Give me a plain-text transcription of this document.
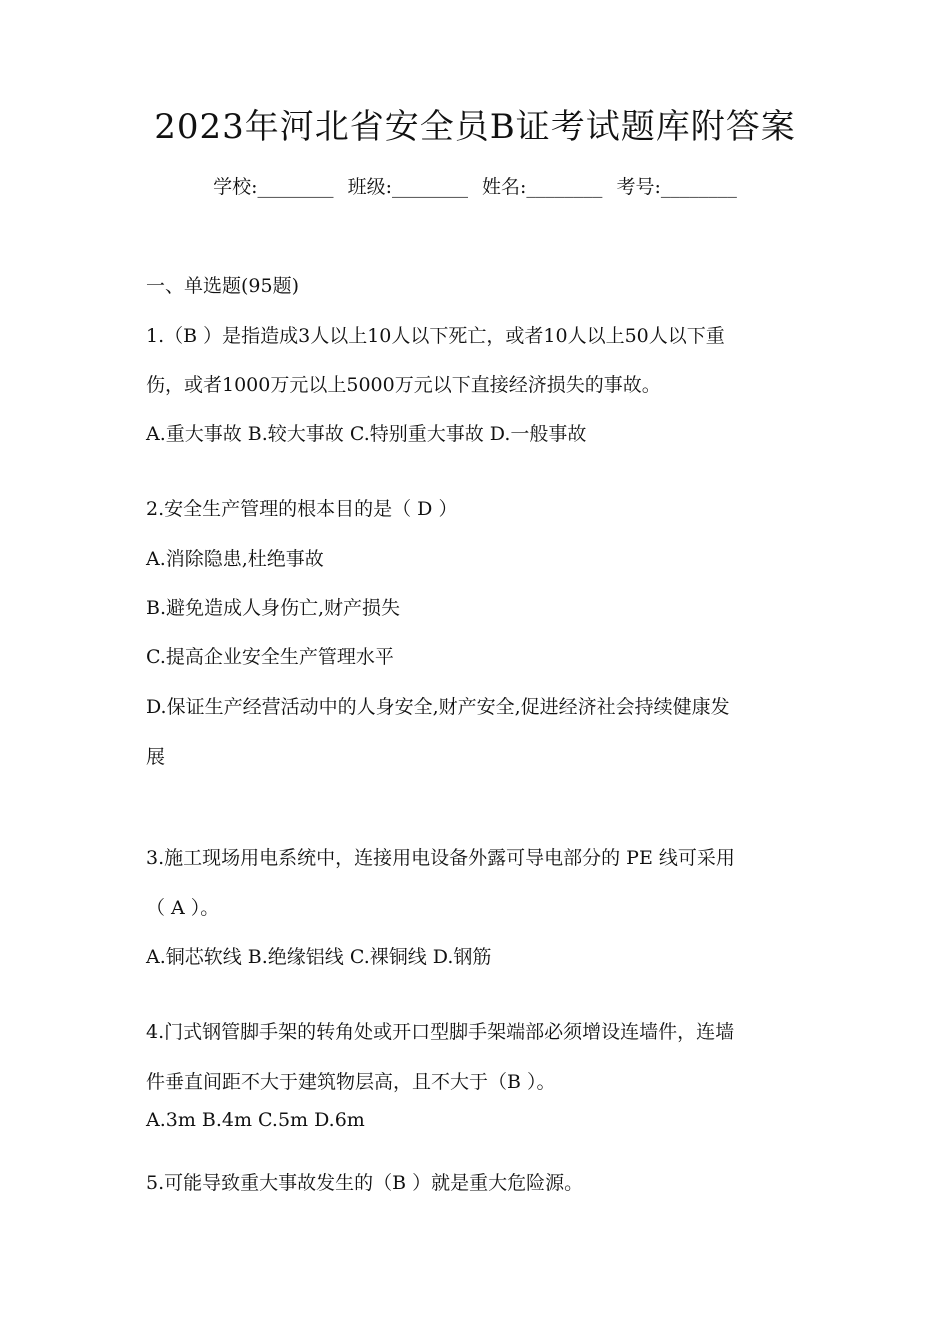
2023年河北省安全员B证考试题库附答案
学校:________ 班级:________ 姓名:________ 考号:________
一、单选题(95题)
1.（B ）是指造成3人以上10人以下死亡，或者10人以上50人以下重
伤，或者1000万元以上5000万元以下直接经济损失的事故。
A.重大事故 B.较大事故 C.特别重大事故 D.一般事故
2.安全生产管理的根本目的是（ D ）
A.消除隐患,杜绝事故
B.避免造成人身伤亡,财产损失
C.提高企业安全生产管理水平
D.保证生产经营活动中的人身安全,财产安全,促进经济社会持续健康发
展
3.施工现场用电系统中，连接用电设备外露可导电部分的 PE 线可采用
（ A ）。
A.铜芯软线 B.绝缘铝线 C.裸铜线 D.钢筋
4.门式钢管脚手架的转角处或开口型脚手架端部必须增设连墙件，连墙
件垂直间距不大于建筑物层高，且不大于（B ）。
A.3m B.4m C.5m D.6m
5.可能导致重大事故发生的（B ）就是重大危险源。
